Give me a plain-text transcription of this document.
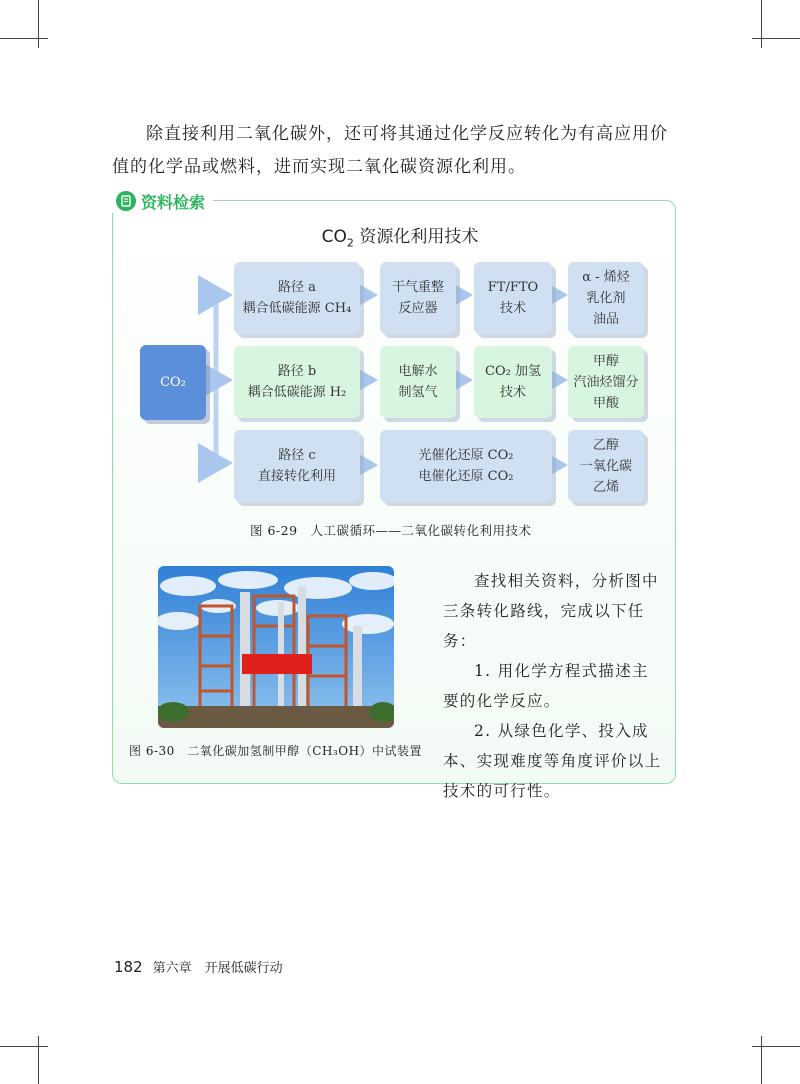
除直接利用二氧化碳外，还可将其通过化学反应转化为有高应用价值的化学品或燃料，进而实现二氧化碳资源化利用。
资料检索
$CO_2$ 资源化利用技术
CO₂
路径 a
耦合低碳能源 CH₄
干气重整
反应器
FT/FTO
技术
α - 烯烃
乳化剂
油品
路径 b
耦合低碳能源 H₂
电解水
制氢气
CO₂ 加氢
技术
甲醇
汽油烃馏分
甲酸
路径 c
直接转化利用
光催化还原 CO₂
电催化还原 CO₂
乙醇
一氧化碳
乙烯
图 6-29　人工碳循环——二氧化碳转化利用技术
图 6-30　二氧化碳加氢制甲醇（CH₃OH）中试装置

查找相关资料，分析图中三条转化路线，完成以下任务：

1. 用化学方程式描述主要的化学反应。

2. 从绿色化学、投入成本、实现难度等角度评价以上技术的可行性。

182 第六章　开展低碳行动
